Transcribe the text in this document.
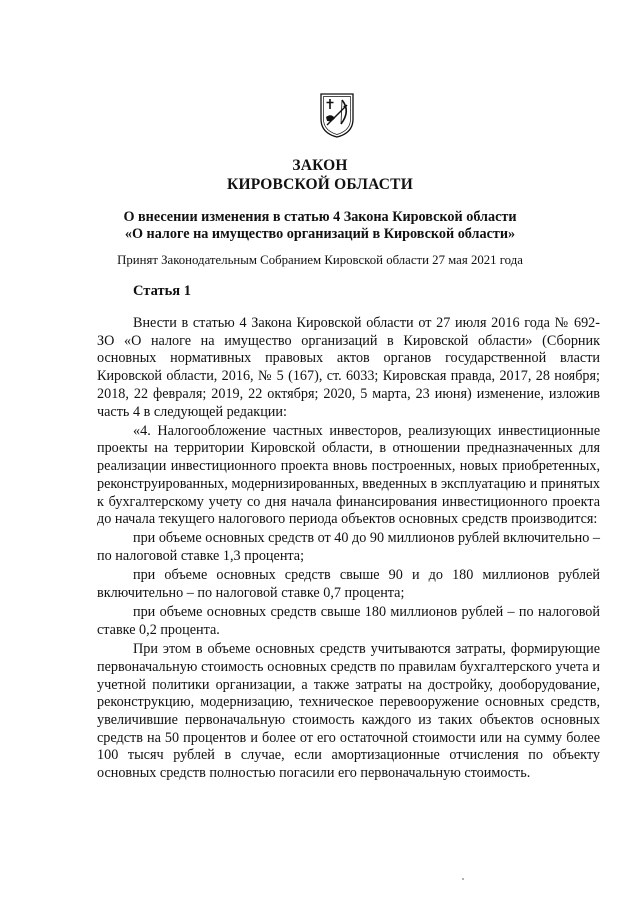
ЗАКОН
КИРОВСКОЙ ОБЛАСТИ
О внесении изменения в статью 4 Закона Кировской области
«О налоге на имущество организаций в Кировской области»
Принят Законодательным Собранием Кировской области 27 мая 2021 года
Статья 1

Внести в статью 4 Закона Кировской области от 27 июля 2016 года № 692-ЗО «О налоге на имущество организаций в Кировской области» (Сборник основных нормативных правовых актов органов государственной власти Кировской области, 2016, № 5 (167), ст. 6033; Кировская правда, 2017, 28 ноября; 2018, 22 февраля; 2019, 22 октября; 2020, 5 марта, 23 июня) изменение, изложив часть 4 в следующей редакции:

«4. Налогообложение частных инвесторов, реализующих инвестиционные проекты на территории Кировской области, в отношении предназначенных для реализации инвестиционного проекта вновь построенных, новых приобретенных, реконструированных, модернизированных, введенных в эксплуатацию и принятых к бухгалтерскому учету со дня начала финансирования инвестиционного проекта до начала текущего налогового периода объектов основных средств производится:

при объеме основных средств от 40 до 90 миллионов рублей включительно – по налоговой ставке 1,3 процента;

при объеме основных средств свыше 90 и до 180 миллионов рублей включительно – по налоговой ставке 0,7 процента;

при объеме основных средств свыше 180 миллионов рублей – по налоговой ставке 0,2 процента.

При этом в объеме основных средств учитываются затраты, формирующие первоначальную стоимость основных средств по правилам бухгалтерского учета и учетной политики организации, а также затраты на достройку, дооборудование, реконструкцию, модернизацию, техническое перевооружение основных средств, увеличившие первоначальную стоимость каждого из таких объектов основных средств на 50 процентов и более от его остаточной стоимости или на сумму более 100 тысяч рублей в случае, если амортизационные отчисления по объекту основных средств полностью погасили его первоначальную стоимость.
